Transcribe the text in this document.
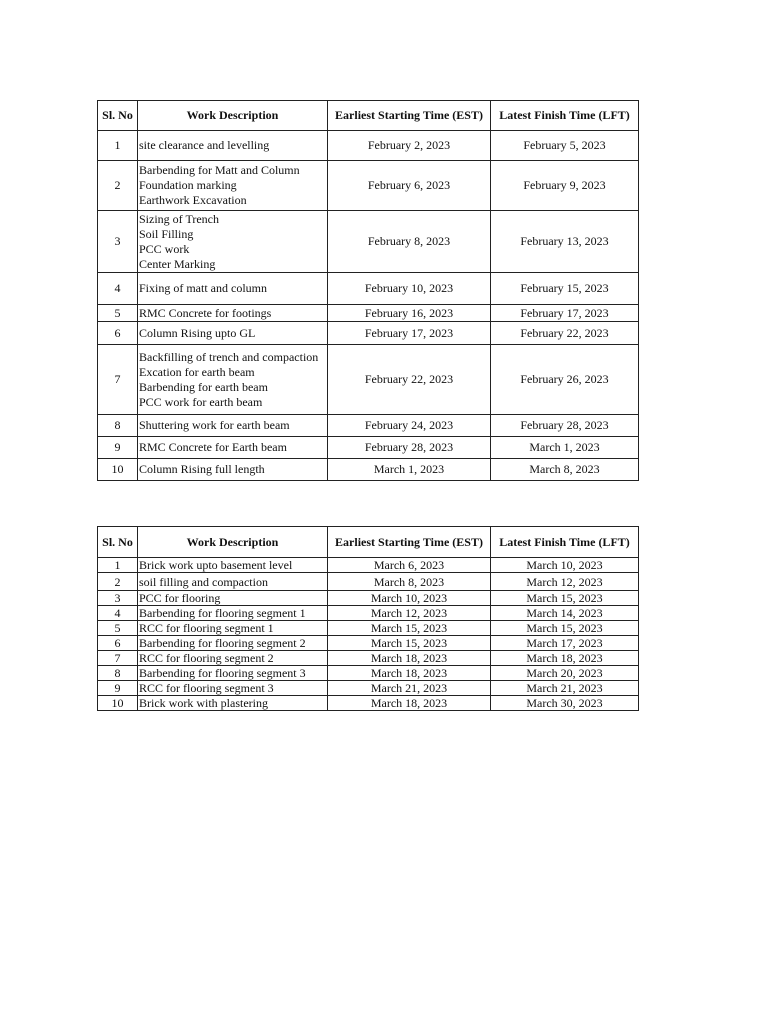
Sl. No	Work Description	Earliest Starting Time (EST)	Latest Finish Time (LFT)
1	site clearance and levelling	February 2, 2023	February 5, 2023
2	Barbending for Matt and Column
Foundation marking
Earthwork Excavation	February 6, 2023	February 9, 2023
3	Sizing of Trench
Soil Filling
PCC work
Center Marking	February 8, 2023	February 13, 2023
4	Fixing of matt and column	February 10, 2023	February 15, 2023
5	RMC Concrete for footings	February 16, 2023	February 17, 2023
6	Column Rising upto GL	February 17, 2023	February 22, 2023
7	Backfilling of trench and compaction
Excation for earth beam
Barbending for earth beam
PCC work for earth beam	February 22, 2023	February 26, 2023
8	Shuttering work for earth beam	February 24, 2023	February 28, 2023
9	RMC Concrete for Earth beam	February 28, 2023	March 1, 2023
10	Column Rising full length	March 1, 2023	March 8, 2023
Sl. No	Work Description	Earliest Starting Time (EST)	Latest Finish Time (LFT)
1	Brick work upto basement level	March 6, 2023	March 10, 2023
2	soil filling and compaction	March 8, 2023	March 12, 2023
3	PCC for flooring	March 10, 2023	March 15, 2023
4	Barbending for flooring segment 1	March 12, 2023	March 14, 2023
5	RCC for flooring segment 1	March 15, 2023	March 15, 2023
6	Barbending for flooring segment 2	March 15, 2023	March 17, 2023
7	RCC for flooring segment 2	March 18, 2023	March 18, 2023
8	Barbending for flooring segment 3	March 18, 2023	March 20, 2023
9	RCC for flooring segment 3	March 21, 2023	March 21, 2023
10	Brick work with plastering	March 18, 2023	March 30, 2023
